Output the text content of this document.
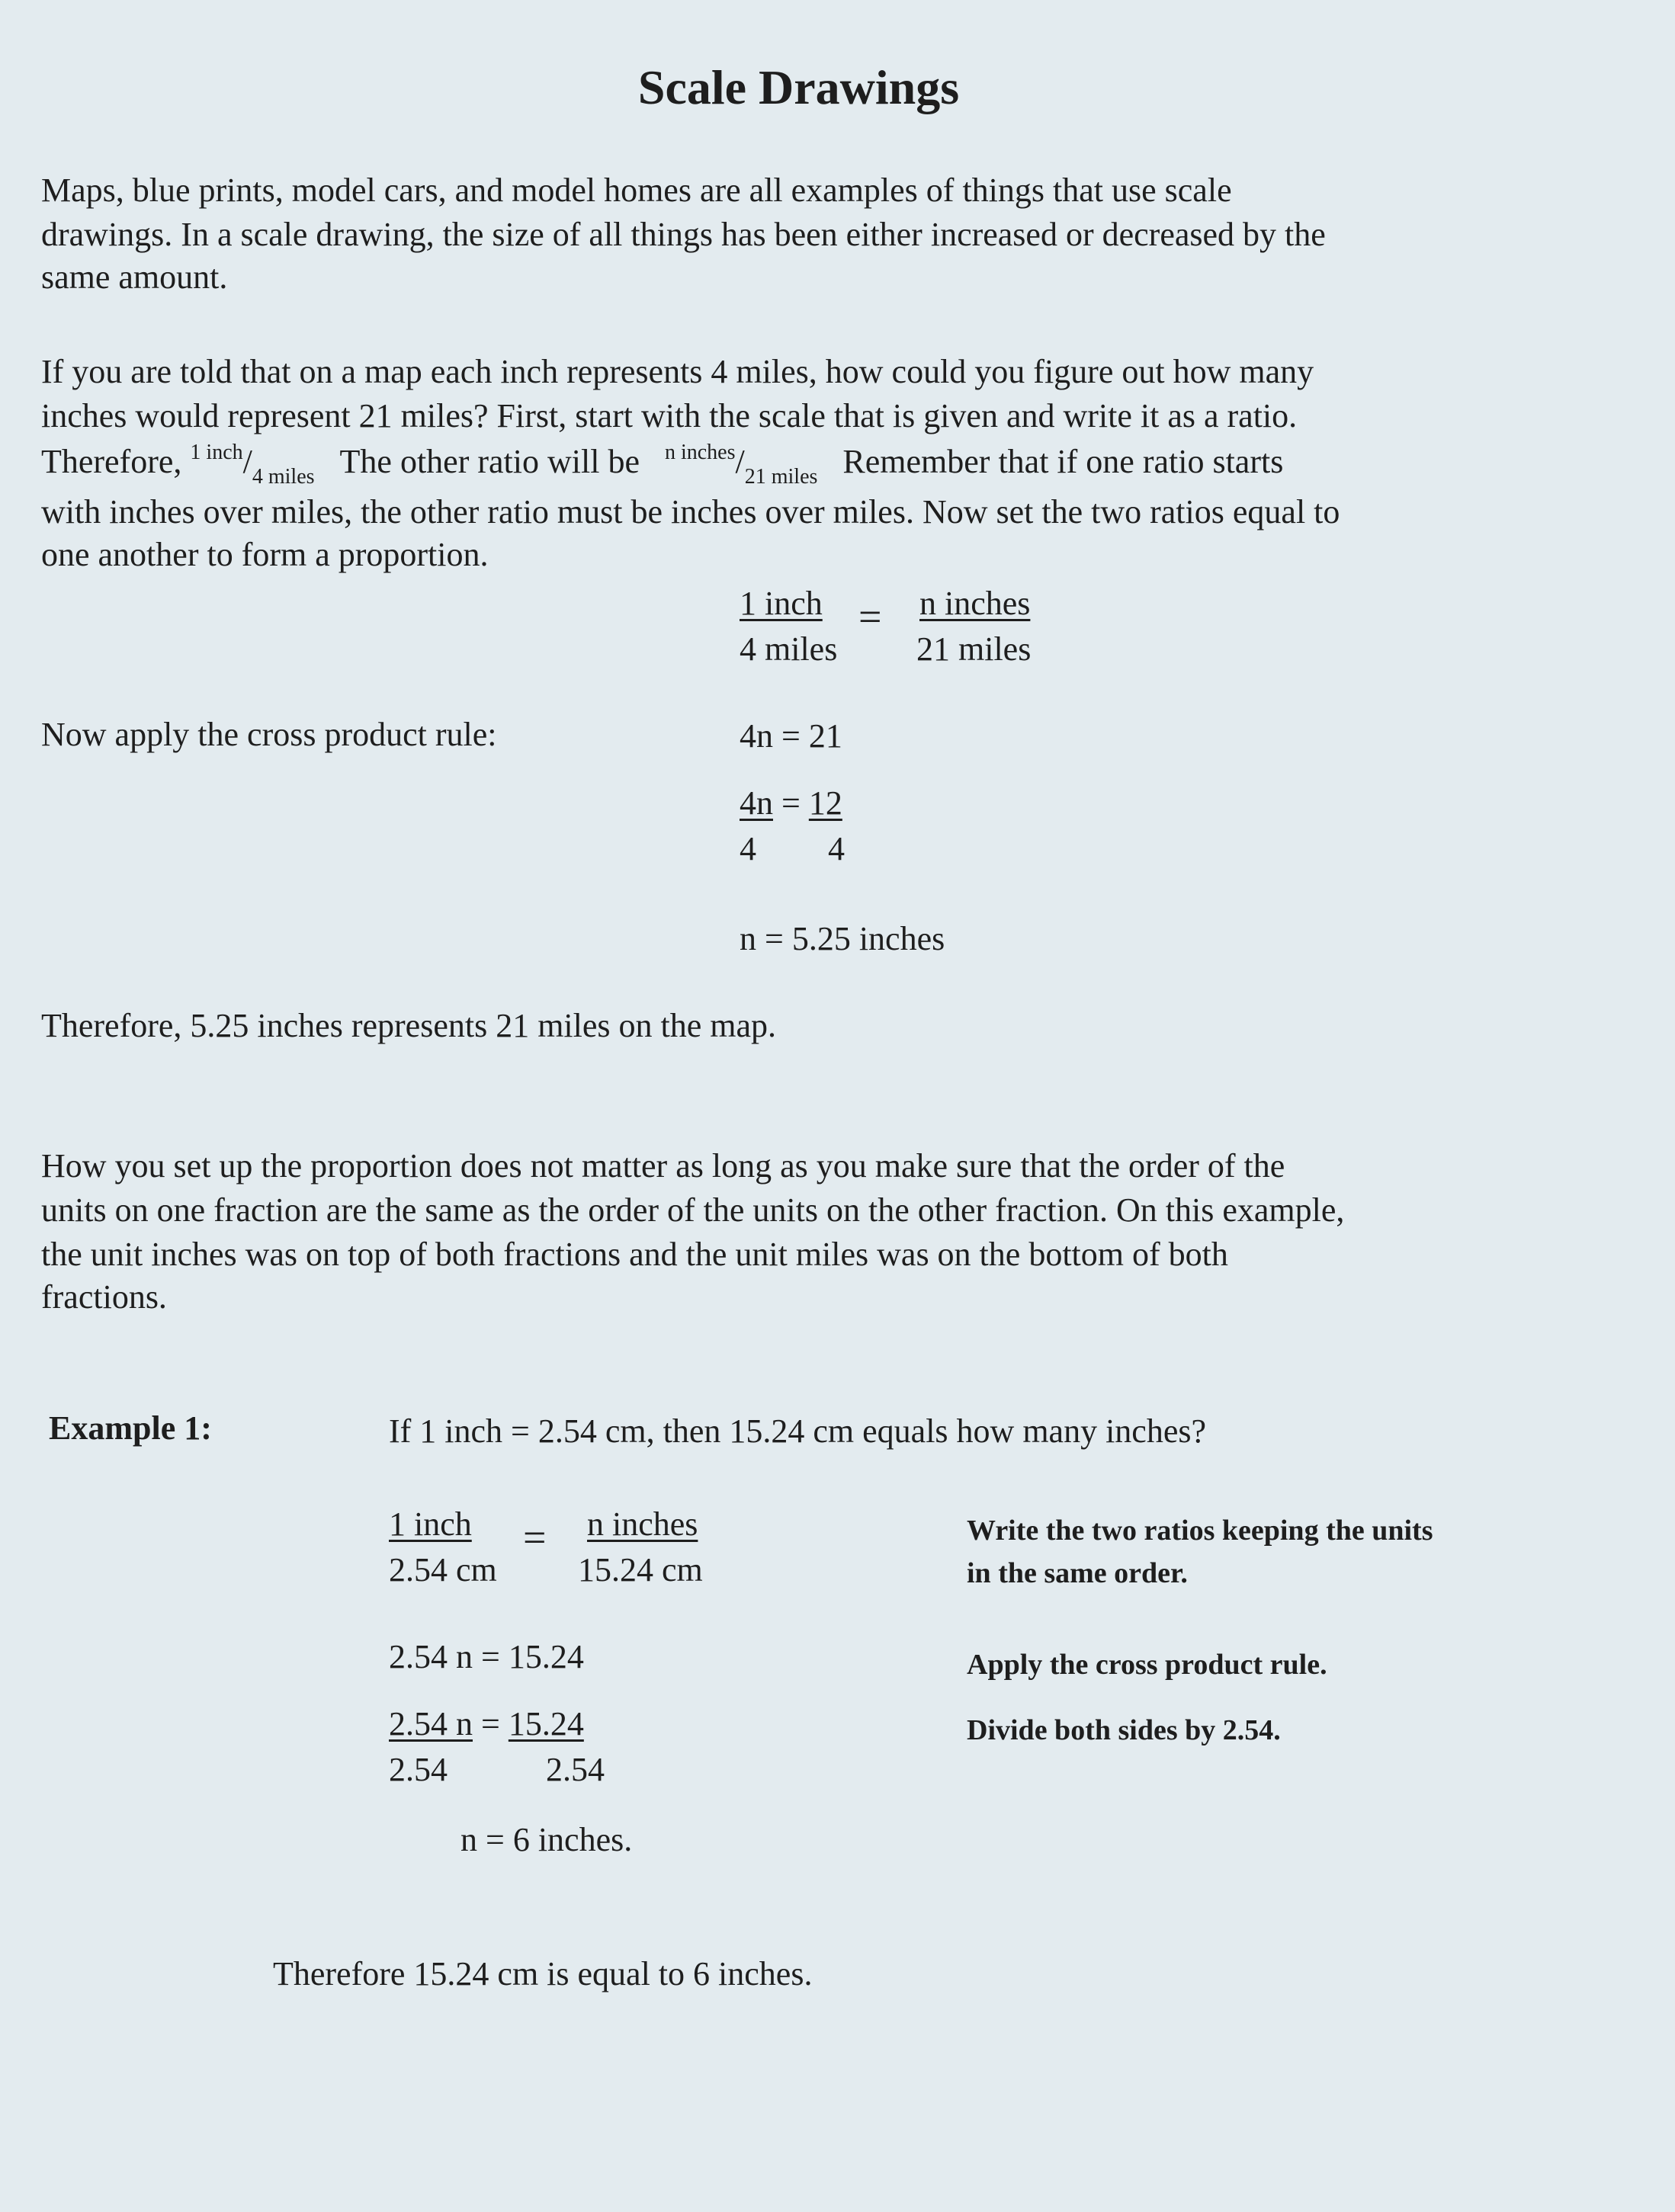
Scale Drawings
Maps, blue prints, model cars, and model homes are all examples of things that use scale
drawings. In a scale drawing, the size of all things has been either increased or decreased by the
same amount.
If you are told that on a map each inch represents 4 miles, how could you figure out how many
inches would represent 21 miles? First, start with the scale that is given and write it as a ratio.
Therefore, $^{1 inch}/_{4 miles}$ The other ratio will be $^{n inches}/_{21 miles}$ Remember that if one ratio starts
with inches over miles, the other ratio must be inches over miles. Now set the two ratios equal to
one another to form a proportion.
1 inch
4 miles
= n inches
21 miles
Now apply the cross product rule:	4n = 21
4n = 12
4 4
n = 5.25 inches
Therefore, 5.25 inches represents 21 miles on the map.
How you set up the proportion does not matter as long as you make sure that the order of the
units on one fraction are the same as the order of the units on the other fraction. On this example,
the unit inches was on top of both fractions and the unit miles was on the bottom of both
fractions.
Example 1:	If 1 inch = 2.54 cm, then 15.24 cm equals how many inches?
1 inch
2.54 cm
= n inches
15.24 cm
Write the two ratios keeping the units
in the same order.
2.54 n = 15.24	Apply the cross product rule.
2.54 n = 15.24	Divide both sides by 2.54.
2.54	2.54
n = 6 inches.
Therefore 15.24 cm is equal to 6 inches.
